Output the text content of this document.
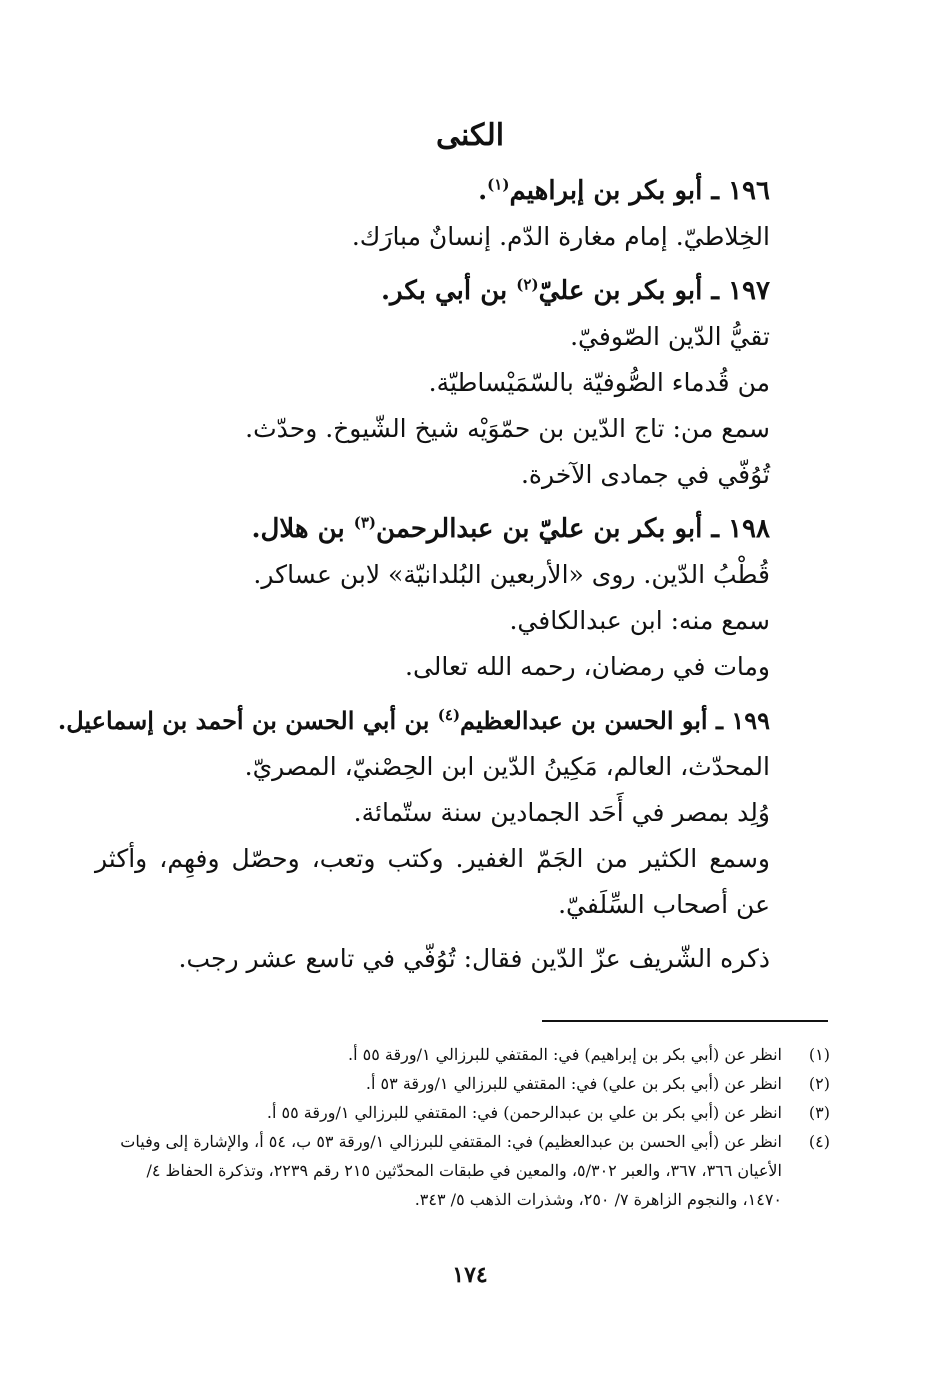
الكنى

١٩٦ ـ أبو بكر بن إبراهيم$^{(١)}$.

الخِلاطيّ. إمام مغارة الدّم. إنسانٌ مبارَك.

١٩٧ ـ أبو بكر بن عليّ$^{(٢)}$ بن أبي بكر.

تقيُّ الدّين الصّوفيّ.

من قُدماء الصُّوفيّة بالسّمَيْساطيّة.

سمع من: تاج الدّين بن حمّوَيْه شيخ الشّيوخ. وحدّث.

تُوُفّي في جمادى الآخرة.

١٩٨ ـ أبو بكر بن عليّ بن عبدالرحمن$^{(٣)}$ بن هلال.

قُطْبُ الدّين. روى «الأربعين البُلدانيّة» لابن عساكر.

سمع منه: ابن عبدالكافي.

ومات في رمضان، رحمه الله تعالى.

١٩٩ ـ أبو الحسن بن عبدالعظيم$^{(٤)}$ بن أبي الحسن بن أحمد بن إسماعيل.

المحدّث، العالم، مَكِينُ الدّين ابن الحِصْنيّ، المصريّ.

وُلِد بمصر في أَحَد الجمادين سنة ستّمائة.

وسمع الكثير من الجَمّ الغفير. وكتب وتعب، وحصّل وفهِم، وأكثر عن أصحاب السِّلَفيّ.

ذكره الشّريف عزّ الدّين فقال: تُوُفّي في تاسع عشر رجب.

(١)
انظر عن (أبي بكر بن إبراهيم) في: المقتفي للبرزالي ١/ورقة ٥٥ أ.
(٢)
انظر عن (أبي بكر بن علي) في: المقتفي للبرزالي ١/ورقة ٥٣ أ.
(٣)
انظر عن (أبي بكر بن علي بن عبدالرحمن) في: المقتفي للبرزالي ١/ورقة ٥٥ أ.
(٤)
انظر عن (أبي الحسن بن عبدالعظيم) في: المقتفي للبرزالي ١/ورقة ٥٣ ب، ٥٤ أ، والإشارة إلى وفيات الأعيان ٣٦٦، ٣٦٧، والعبر ٥/٣٠٢، والمعين في طبقات المحدّثين ٢١٥ رقم ٢٢٣٩، وتذكرة الحفاظ ٤/ ١٤٧٠، والنجوم الزاهرة ٧/ ٢٥٠، وشذرات الذهب ٥/ ٣٤٣.
١٧٤
